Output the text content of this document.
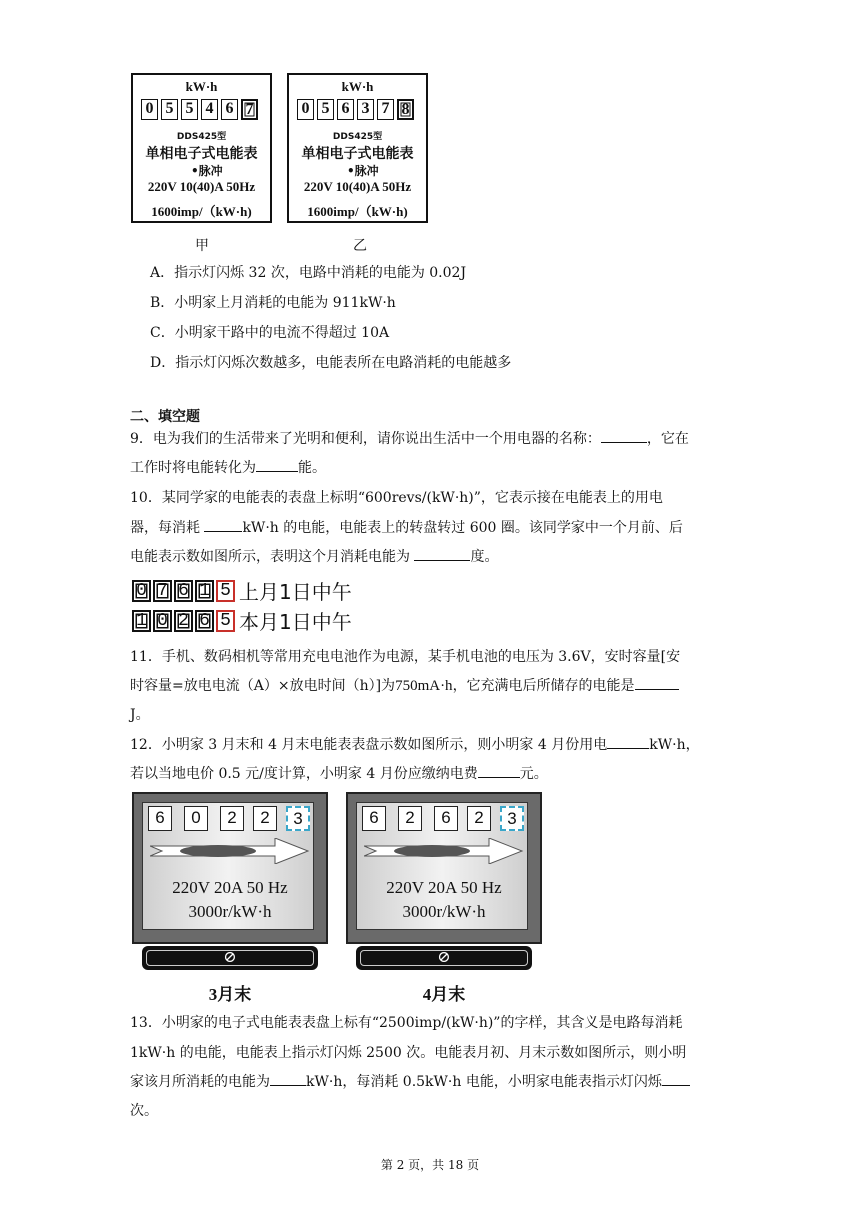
kW·h
0 5 5 4 6 7
DDS425型
单相电子式电能表
•脉冲
220V 10(40)A 50Hz
1600imp/（kW·h)
甲
kW·h
0 5 6 3 7 8
DDS425型
单相电子式电能表
•脉冲
220V 10(40)A 50Hz
1600imp/（kW·h)
乙
A．指示灯闪烁 32 次，电路中消耗的电能为 0.02J
B．小明家上月消耗的电能为 911kW·h
C．小明家干路中的电流不得超过 10A
D．指示灯闪烁次数越多，电能表所在电路消耗的电能越多
二、填空题
9．电为我们的生活带来了光明和便利，请你说出生活中一个用电器的名称：	，它在
工作时将电能转化为	能。
10．某同学家的电能表的表盘上标明“600revs/(kW·h)”，它表示接在电能表上的用电
器，每消耗	kW·h 的电能，电能表上的转盘转过 600 圈。该同学家中一个月前、后
电能表示数如图所示，表明这个月消耗电能为	度。
0 7 6 1 5 上月1日中午
1 0 2 6 5 本月1日中午
11．手机、数码相机等常用充电电池作为电源，某手机电池的电压为 3.6V，安时容量[安
时容量=放电电流（A）×放电时间（h）]为750mA·h，它充满电后所储存的电能是
J。
12．小明家 3 月末和 4 月末电能表表盘示数如图所示，则小明家 4 月份用电	kW·h，
若以当地电价 0.5 元/度计算，小明家 4 月份应缴纳电费	元。
6	0	2	2	3
220V 20A 50 Hz
3000r/kW·h
⊘
3月末
6	2	6	2	3
220V 20A 50 Hz
3000r/kW·h
⊘
4月末
13．小明家的电子式电能表表盘上标有“2500imp/(kW·h)”的字样，其含义是电路每消耗
1kW·h 的电能，电能表上指示灯闪烁 2500 次。电能表月初、月末示数如图所示，则小明
家该月所消耗的电能为	kW·h，每消耗 0.5kW·h 电能，小明家电能表指示灯闪烁
次。
第 2 页，共 18 页
